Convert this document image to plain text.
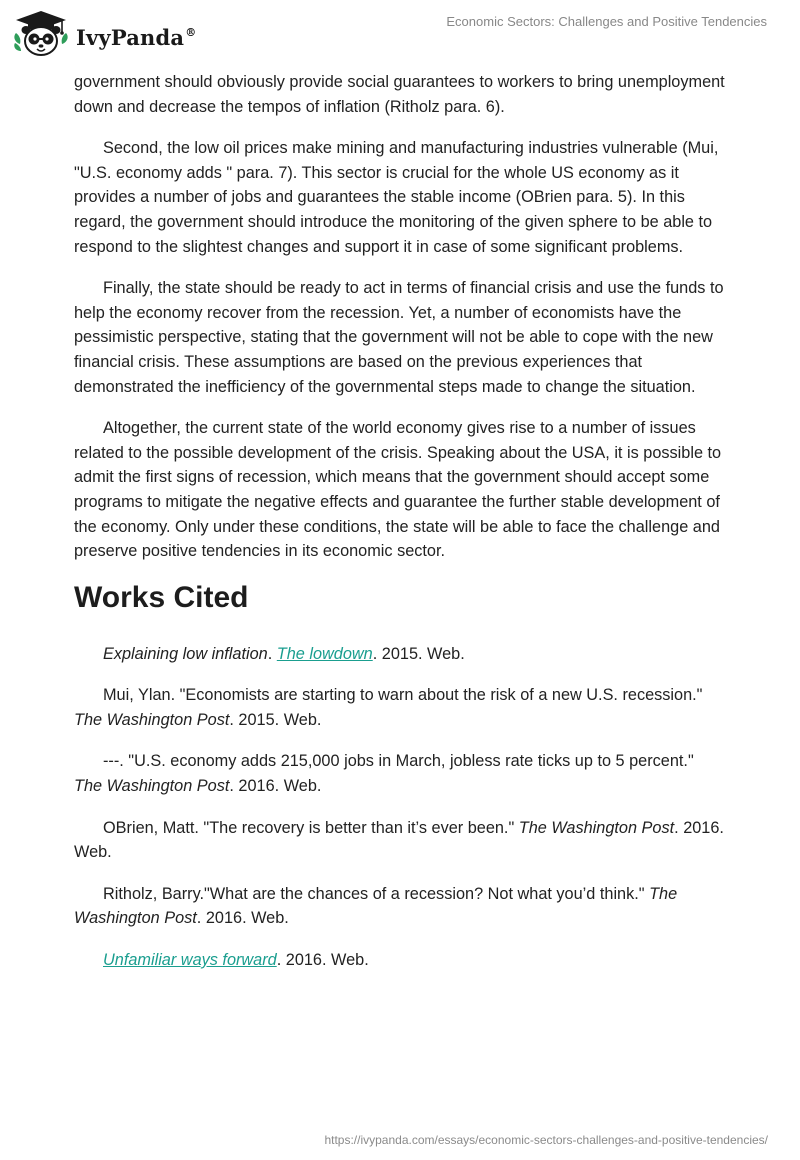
IvyPanda®
Economic Sectors: Challenges and Positive Tendencies

government should obviously provide social guarantees to workers to bring unemployment down and decrease the tempos of inflation (Ritholz para. 6).

Second, the low oil prices make mining and manufacturing industries vulnerable (Mui, "U.S. economy adds " para. 7). This sector is crucial for the whole US economy as it provides a number of jobs and guarantees the stable income (OBrien para. 5). In this regard, the government should introduce the monitoring of the given sphere to be able to respond to the slightest changes and support it in case of some significant problems.

Finally, the state should be ready to act in terms of financial crisis and use the funds to help the economy recover from the recession. Yet, a number of economists have the pessimistic perspective, stating that the government will not be able to cope with the new financial crisis. These assumptions are based on the previous experiences that demonstrated the inefficiency of the governmental steps made to change the situation.

Altogether, the current state of the world economy gives rise to a number of issues related to the possible development of the crisis. Speaking about the USA, it is possible to admit the first signs of recession, which means that the government should accept some programs to mitigate the negative effects and guarantee the further stable development of the economy. Only under these conditions, the state will be able to face the challenge and preserve positive tendencies in its economic sector.

Works Cited

Explaining low inflation. The lowdown. 2015. Web.

Mui, Ylan. "Economists are starting to warn about the risk of a new U.S. recession." The Washington Post. 2015. Web.

---. "U.S. economy adds 215,000 jobs in March, jobless rate ticks up to 5 percent." The Washington Post. 2016. Web.

OBrien, Matt. "The recovery is better than it’s ever been." The Washington Post. 2016. Web.

Ritholz, Barry."What are the chances of a recession? Not what you’d think." The Washington Post. 2016. Web.

Unfamiliar ways forward. 2016. Web.

https://ivypanda.com/essays/economic-sectors-challenges-and-positive-tendencies/
